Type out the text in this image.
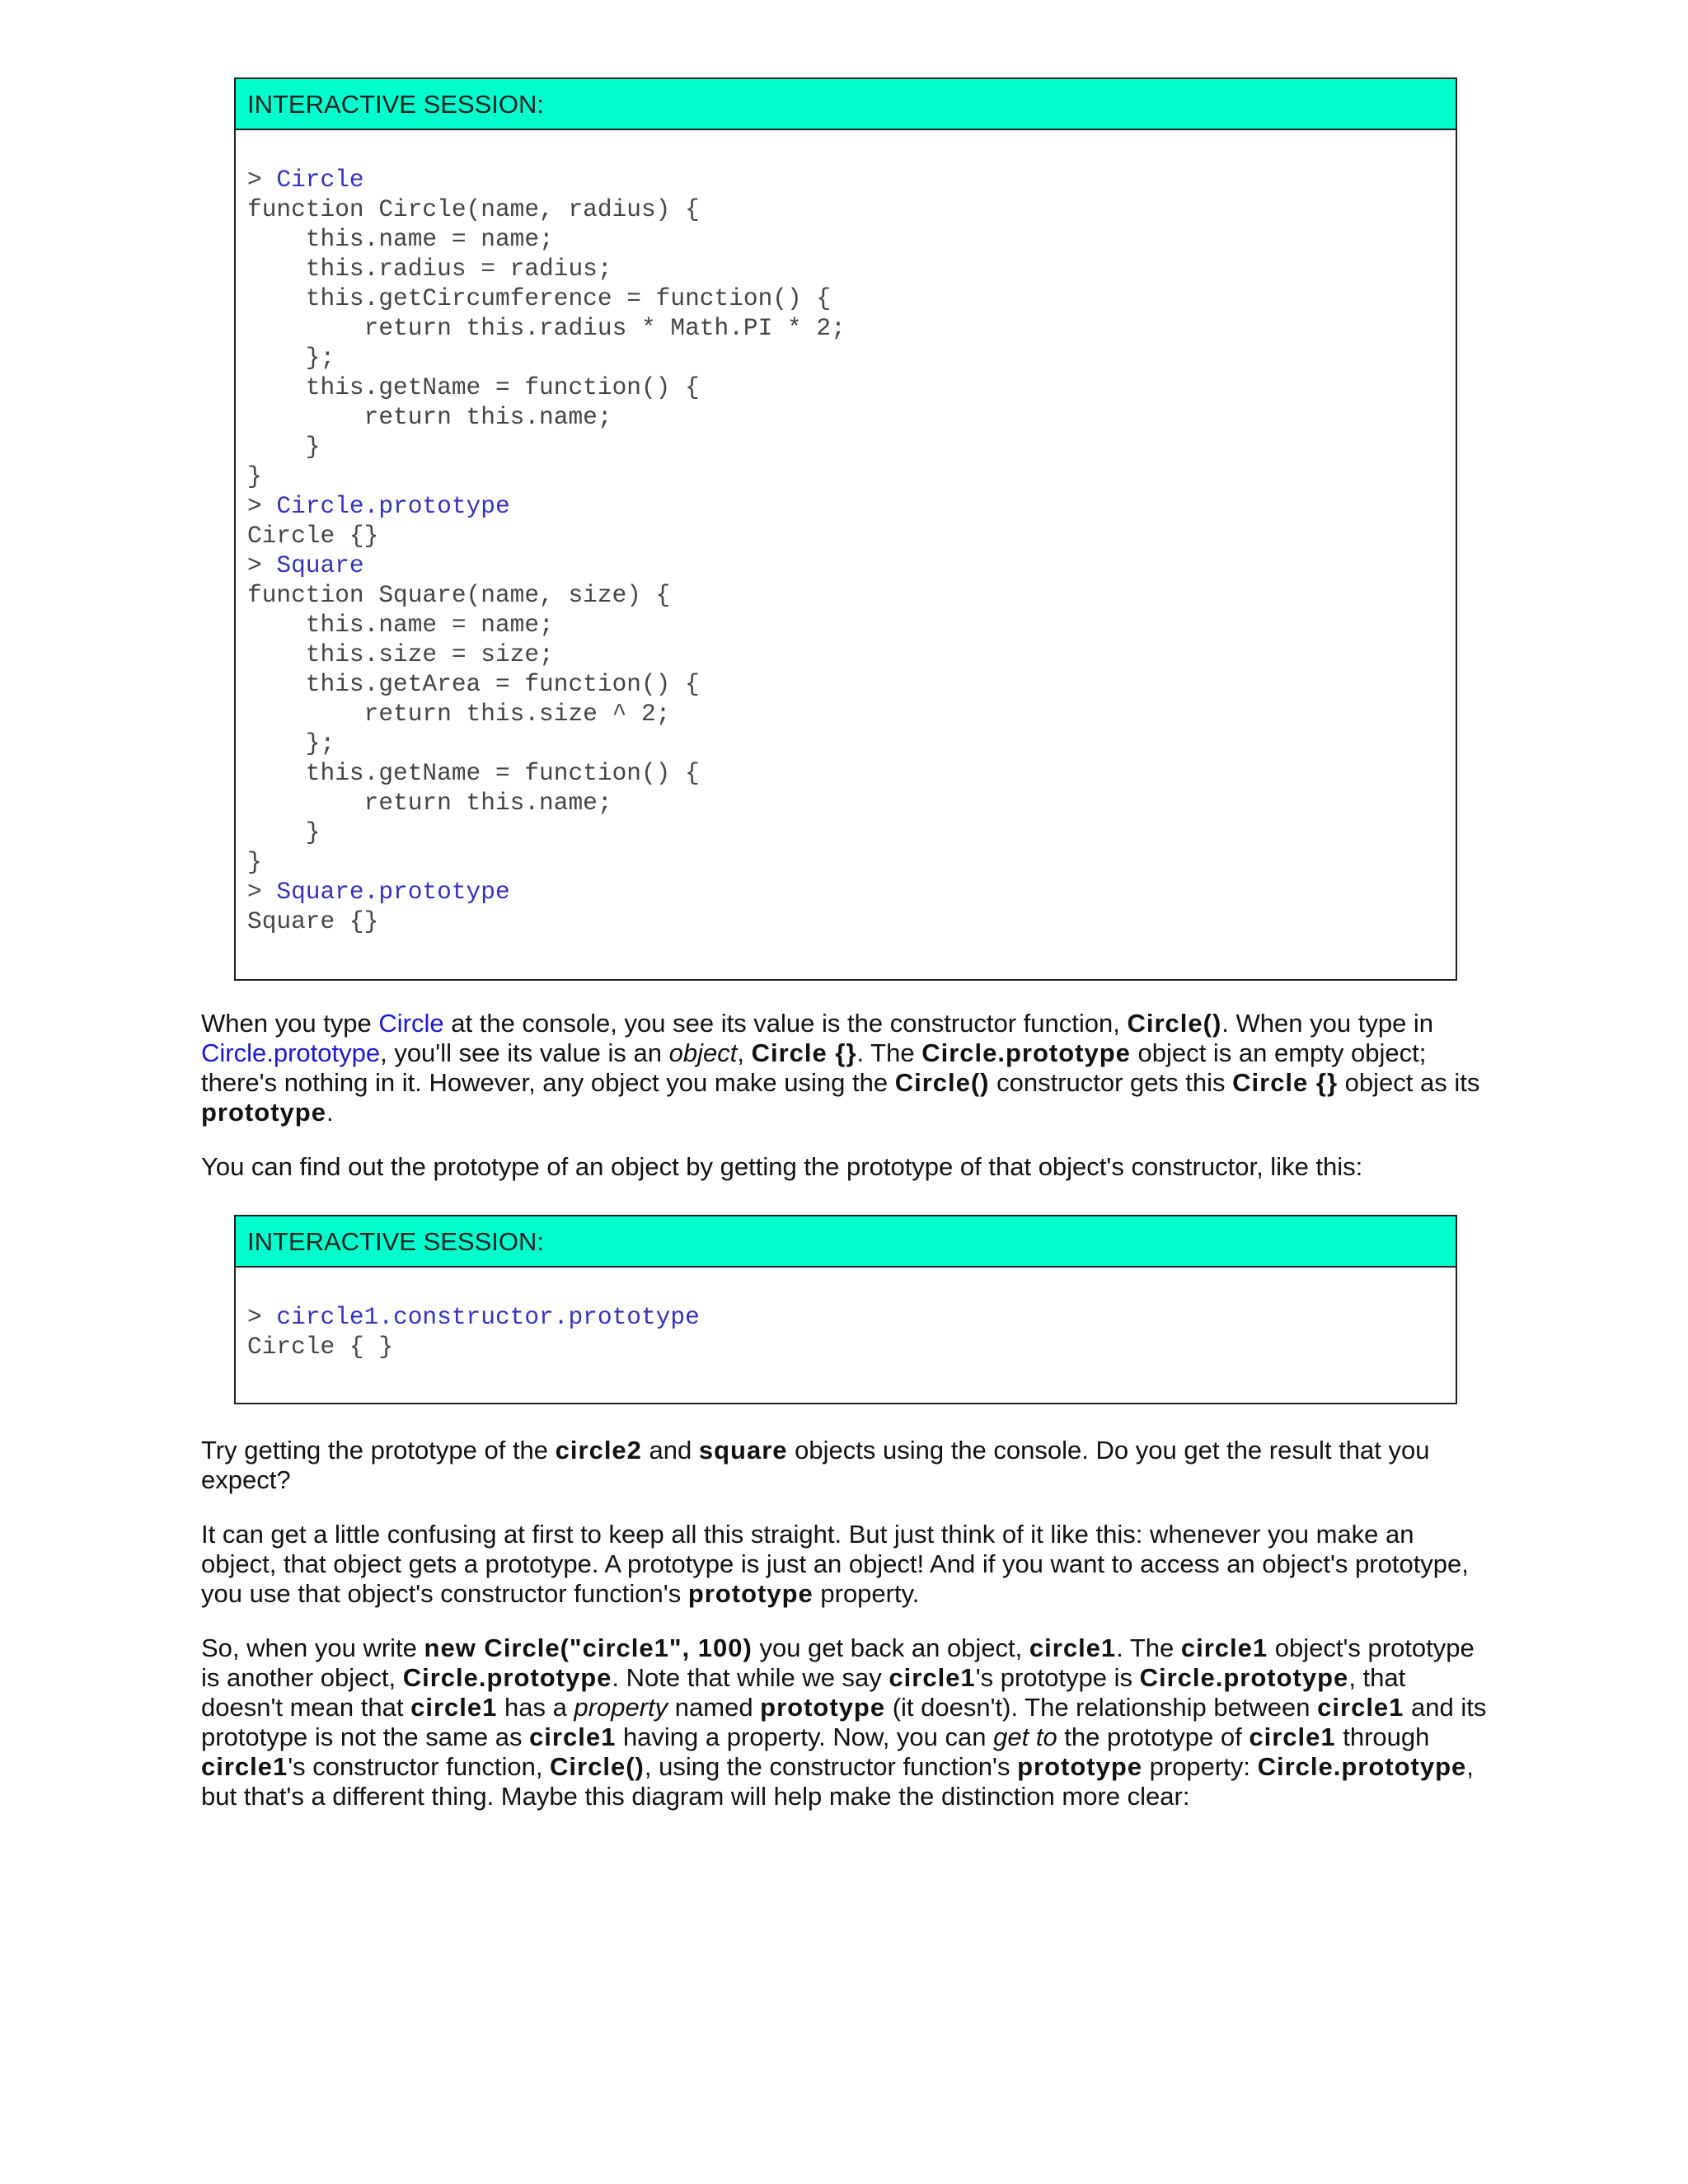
INTERACTIVE SESSION:
> Circle
function Circle(name, radius) {
this.name = name;
this.radius = radius;
this.getCircumference = function() {
return this.radius * Math.PI * 2;
};
this.getName = function() {
return this.name;
}
}
> Circle.prototype
Circle {}
> Square
function Square(name, size) {
this.name = name;
this.size = size;
this.getArea = function() {
return this.size ^ 2;
};
this.getName = function() {
return this.name;
}
}
> Square.prototype
Square {}

When you type Circle at the console, you see its value is the constructor function, Circle(). When you type in Circle.prototype, you'll see its value is an object, Circle {}. The Circle.prototype object is an empty object; there's nothing in it. However, any object you make using the Circle() constructor gets this Circle {} object as its prototype.

You can find out the prototype of an object by getting the prototype of that object's constructor, like this:

INTERACTIVE SESSION:
> circle1.constructor.prototype
Circle { }

Try getting the prototype of the circle2 and square objects using the console. Do you get the result that you expect?

It can get a little confusing at first to keep all this straight. But just think of it like this: whenever you make an object, that object gets a prototype. A prototype is just an object! And if you want to access an object's prototype, you use that object's constructor function's prototype property.

So, when you write new Circle("circle1", 100) you get back an object, circle1. The circle1 object's prototype is another object, Circle.prototype. Note that while we say circle1's prototype is Circle.prototype, that doesn't mean that circle1 has a property named prototype (it doesn't). The relationship between circle1 and its prototype is not the same as circle1 having a property. Now, you can get to the prototype of circle1 through circle1's constructor function, Circle(), using the constructor function's prototype property: Circle.prototype, but that's a different thing. Maybe this diagram will help make the distinction more clear:
